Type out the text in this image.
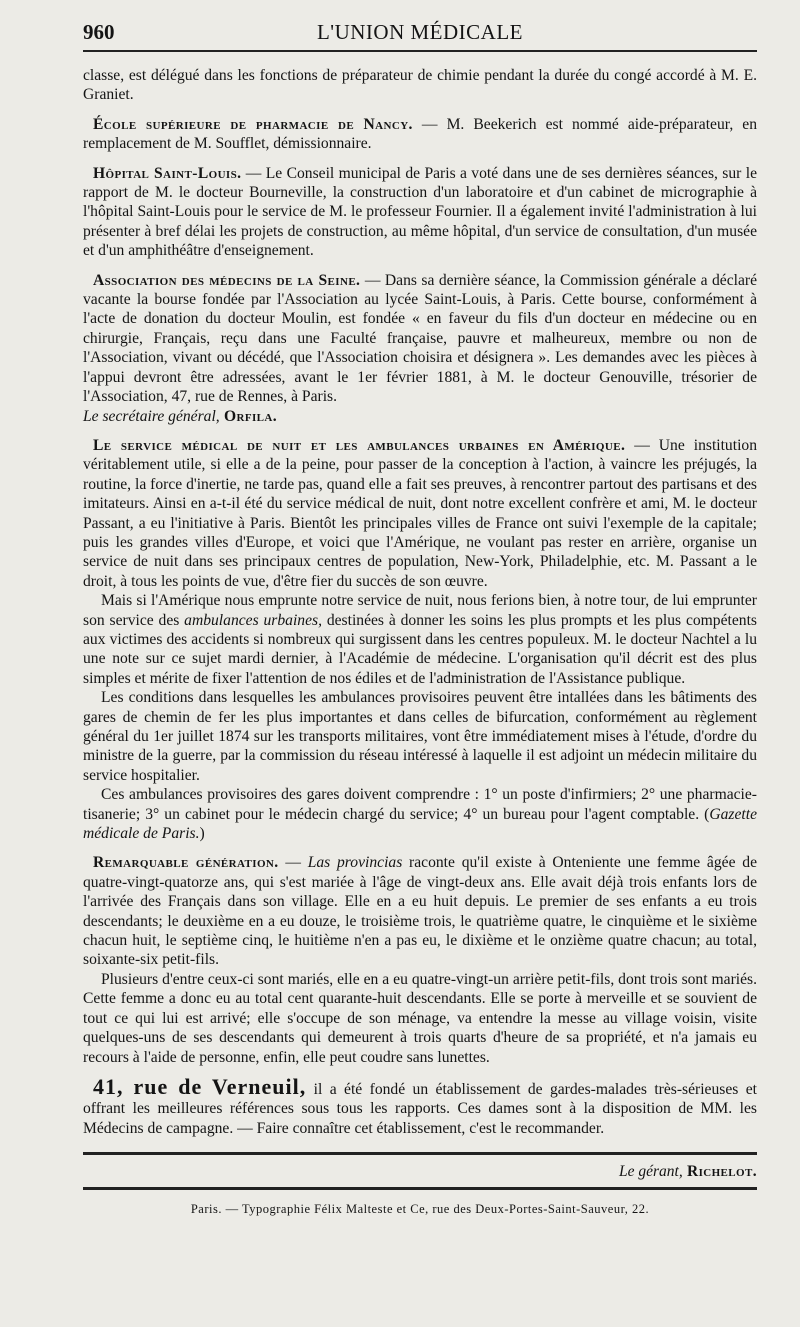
960	L'UNION MÉDICALE

classe, est délégué dans les fonctions de préparateur de chimie pendant la durée du congé accordé à M. E. Graniet.

École supérieure de pharmacie de Nancy. — M. Beekerich est nommé aide-préparateur, en remplacement de M. Soufflet, démissionnaire.

Hôpital Saint-Louis. — Le Conseil municipal de Paris a voté dans une de ses dernières séances, sur le rapport de M. le docteur Bourneville, la construction d'un laboratoire et d'un cabinet de micrographie à l'hôpital Saint-Louis pour le service de M. le professeur Fournier. Il a également invité l'administration à lui présenter à bref délai les projets de construction, au même hôpital, d'un service de consultation, d'un musée et d'un amphithéâtre d'enseignement.

Association des médecins de la Seine. — Dans sa dernière séance, la Commission générale a déclaré vacante la bourse fondée par l'Association au lycée Saint-Louis, à Paris. Cette bourse, conformément à l'acte de donation du docteur Moulin, est fondée « en faveur du fils d'un docteur en médecine ou en chirurgie, Français, reçu dans une Faculté française, pauvre et malheureux, membre ou non de l'Association, vivant ou décédé, que l'Association choisira et désignera ». Les demandes avec les pièces à l'appui devront être adressées, avant le 1er février 1881, à M. le docteur Genouville, trésorier de l'Association, 47, rue de Rennes, à Paris.

Le secrétaire général, Orfila.

Le service médical de nuit et les ambulances urbaines en Amérique. — Une institution véritablement utile, si elle a de la peine, pour passer de la conception à l'action, à vaincre les préjugés, la routine, la force d'inertie, ne tarde pas, quand elle a fait ses preuves, à rencontrer partout des partisans et des imitateurs. Ainsi en a-t-il été du service médical de nuit, dont notre excellent confrère et ami, M. le docteur Passant, a eu l'initiative à Paris. Bientôt les principales villes de France ont suivi l'exemple de la capitale; puis les grandes villes d'Europe, et voici que l'Amérique, ne voulant pas rester en arrière, organise un service de nuit dans ses principaux centres de population, New-York, Philadelphie, etc. M. Passant a le droit, à tous les points de vue, d'être fier du succès de son œuvre.

Mais si l'Amérique nous emprunte notre service de nuit, nous ferions bien, à notre tour, de lui emprunter son service des ambulances urbaines, destinées à donner les soins les plus prompts et les plus compétents aux victimes des accidents si nombreux qui surgissent dans les centres populeux. M. le docteur Nachtel a lu une note sur ce sujet mardi dernier, à l'Académie de médecine. L'organisation qu'il décrit est des plus simples et mérite de fixer l'attention de nos édiles et de l'administration de l'Assistance publique.

Les conditions dans lesquelles les ambulances provisoires peuvent être intallées dans les bâtiments des gares de chemin de fer les plus importantes et dans celles de bifurcation, conformément au règlement général du 1er juillet 1874 sur les transports militaires, vont être immédiatement mises à l'étude, d'ordre du ministre de la guerre, par la commission du réseau intéressé à laquelle il est adjoint un médecin militaire du service hospitalier.

Ces ambulances provisoires des gares doivent comprendre : 1° un poste d'infirmiers; 2° une pharmacie-tisanerie; 3° un cabinet pour le médecin chargé du service; 4° un bureau pour l'agent comptable. (Gazette médicale de Paris.)

Remarquable génération. — Las provincias raconte qu'il existe à Onteniente une femme âgée de quatre-vingt-quatorze ans, qui s'est mariée à l'âge de vingt-deux ans. Elle avait déjà trois enfants lors de l'arrivée des Français dans son village. Elle en a eu huit depuis. Le premier de ses enfants a eu trois descendants; le deuxième en a eu douze, le troisième trois, le quatrième quatre, le cinquième et le sixième chacun huit, le septième cinq, le huitième n'en a pas eu, le dixième et le onzième quatre chacun; au total, soixante-six petit-fils.

Plusieurs d'entre ceux-ci sont mariés, elle en a eu quatre-vingt-un arrière petit-fils, dont trois sont mariés. Cette femme a donc eu au total cent quarante-huit descendants. Elle se porte à merveille et se souvient de tout ce qui lui est arrivé; elle s'occupe de son ménage, va entendre la messe au village voisin, visite quelques-uns de ses descendants qui demeurent à trois quarts d'heure de sa propriété, et n'a jamais eu recours à l'aide de personne, enfin, elle peut coudre sans lunettes.

41, rue de Verneuil, il a été fondé un établissement de gardes-malades très-sérieuses et offrant les meilleures références sous tous les rapports. Ces dames sont à la disposition de MM. les Médecins de campagne. — Faire connaître cet établissement, c'est le recommander.

Le gérant, Richelot.
Paris. — Typographie Félix Malteste et Ce, rue des Deux-Portes-Saint-Sauveur, 22.
